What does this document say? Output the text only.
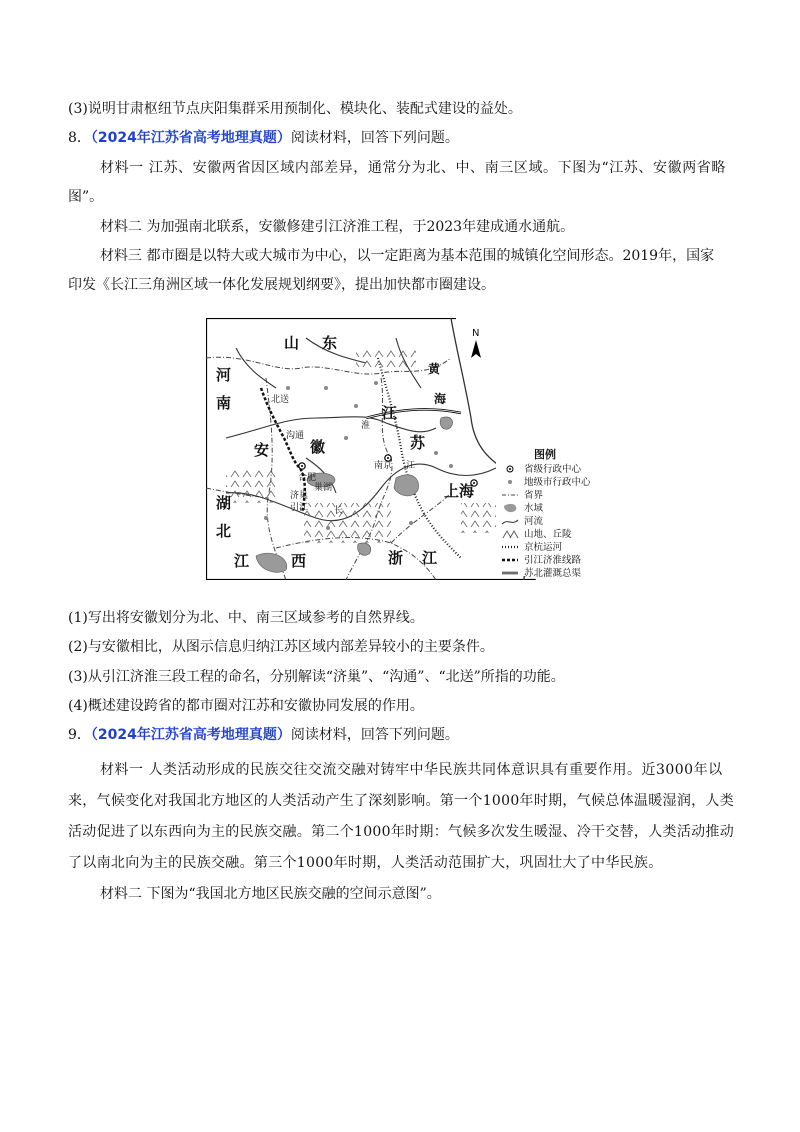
(3)说明甘肃枢纽节点庆阳集群采用预制化、模块化、装配式建设的益处。
8．（2024年江苏省高考地理真题）阅读材料，回答下列问题。
材料一 江苏、安徽两省因区域内部差异，通常分为北、中、南三区域。下图为“江苏、安徽两省略
图”。
材料二 为加强南北联系，安徽修建引江济淮工程，于2023年建成通水通航。
材料三 都市圈是以特大或大城市为中心，以一定距离为基本范围的城镇化空间形态。2019年，国家
印发《长江三角洲区域一体化发展规划纲要》，提出加快都市圈建设。
山 东
河
南
安	徽
江
苏
湖
北
江	西	浙 江
上海
黄
海
N
合肥
南京
巢湖
淮
长
江
北送
沟通
济巢
引江
图例
省级行政中心
地级市行政中心
省界
水域
河流
山地、丘陵
京杭运河
引江济淮线路
苏北灌溉总渠
(1)写出将安徽划分为北、中、南三区域参考的自然界线。
(2)与安徽相比，从图示信息归纳江苏区域内部差异较小的主要条件。
(3)从引江济淮三段工程的命名，分别解读“济巢”、“沟通”、“北送”所指的功能。
(4)概述建设跨省的都市圈对江苏和安徽协同发展的作用。
9．（2024年江苏省高考地理真题）阅读材料，回答下列问题。
材料一 人类活动形成的民族交往交流交融对铸牢中华民族共同体意识具有重要作用。近3000年以
来，气候变化对我国北方地区的人类活动产生了深刻影响。第一个1000年时期，气候总体温暖湿润，人类
活动促进了以东西向为主的民族交融。第二个1000年时期：气候多次发生暖湿、冷干交替，人类活动推动
了以南北向为主的民族交融。第三个1000年时期，人类活动范围扩大，巩固壮大了中华民族。
材料二 下图为“我国北方地区民族交融的空间示意图”。
